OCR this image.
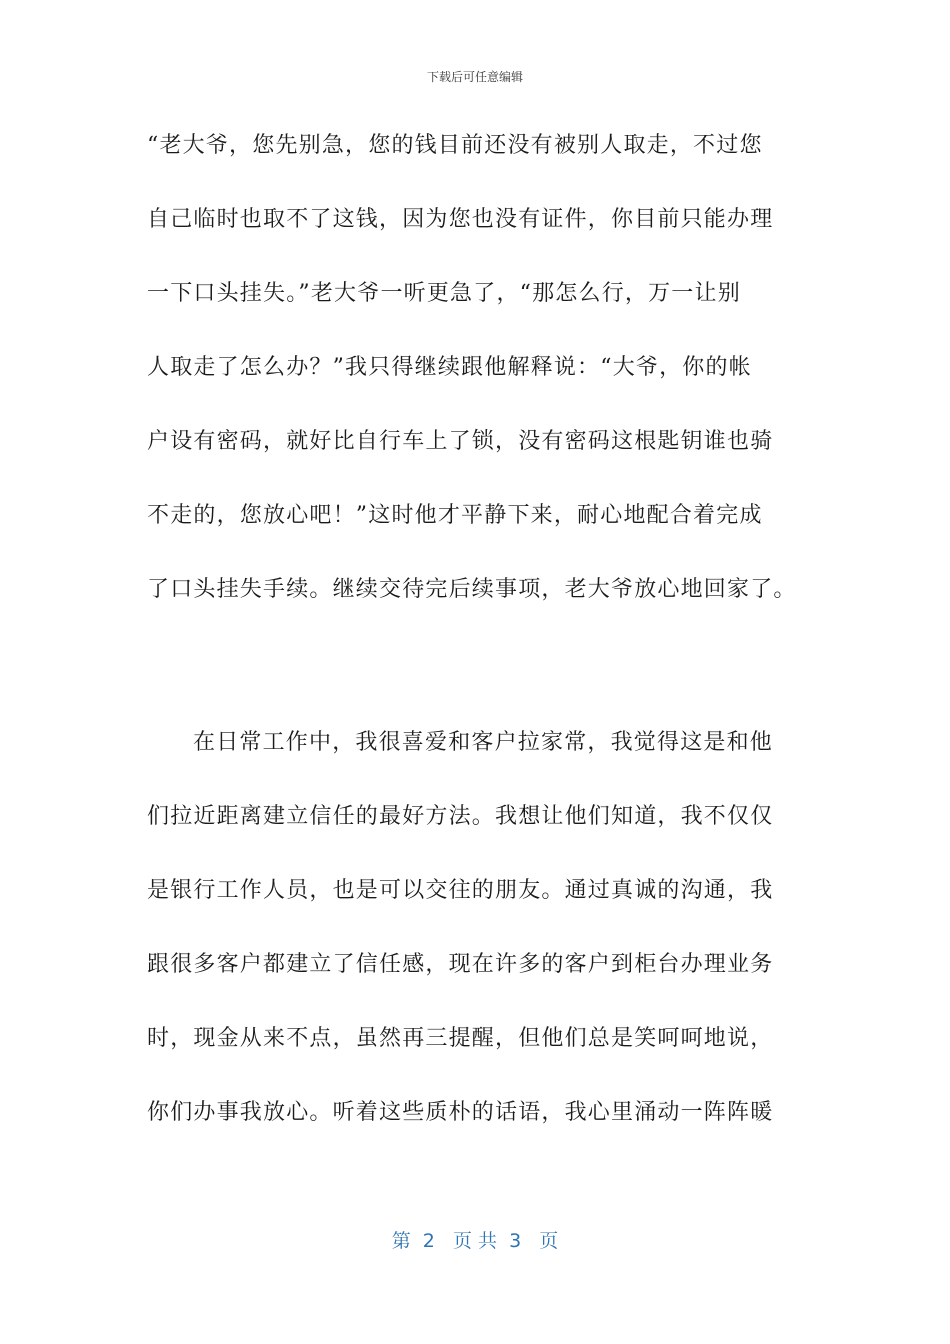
下载后可任意编辑
“老大爷，您先别急，您的钱目前还没有被别人取走，不过您
自己临时也取不了这钱，因为您也没有证件，你目前只能办理
一下口头挂失。”老大爷一听更急了，“那怎么行，万一让别
人取走了怎么办？”我只得继续跟他解释说：“大爷，你的帐
户设有密码，就好比自行车上了锁，没有密码这根匙钥谁也骑
不走的，您放心吧！”这时他才平静下来，耐心地配合着完成
了口头挂失手续。继续交待完后续事项，老大爷放心地回家了。
在日常工作中，我很喜爱和客户拉家常，我觉得这是和他
们拉近距离建立信任的最好方法。我想让他们知道，我不仅仅
是银行工作人员，也是可以交往的朋友。通过真诚的沟通，我
跟很多客户都建立了信任感，现在许多的客户到柜台办理业务
时，现金从来不点，虽然再三提醒，但他们总是笑呵呵地说，
你们办事我放心。听着这些质朴的话语，我心里涌动一阵阵暖
第  2   页 共  3   页
